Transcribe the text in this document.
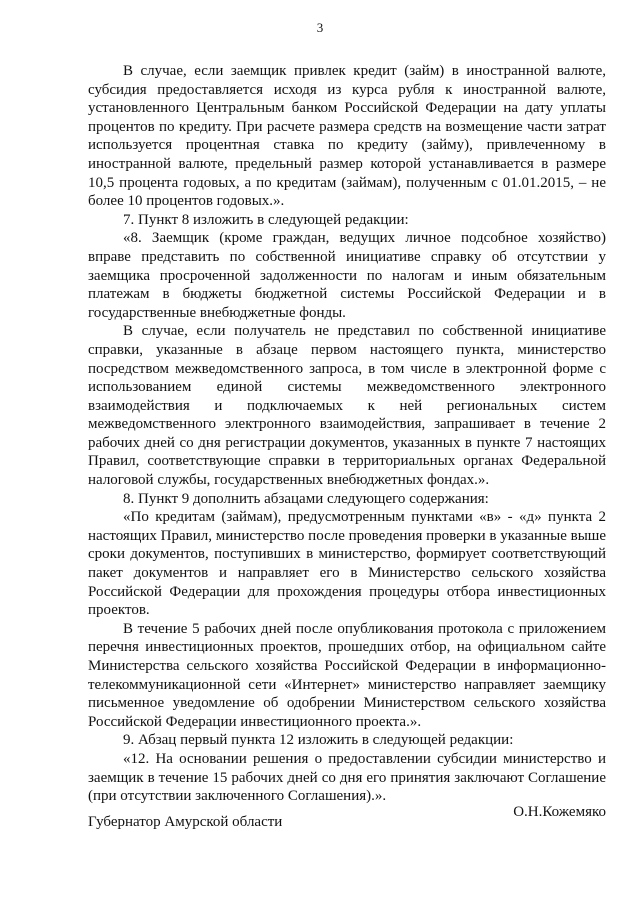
3

В случае, если заемщик привлек кредит (займ) в иностранной валюте, субсидия предоставляется исходя из курса рубля к иностранной валюте, установленного Центральным банком Российской Федерации на дату уплаты процентов по кредиту. При расчете размера средств на возмещение части затрат используется процентная ставка по кредиту (займу), привлеченному в иностранной валюте, предельный размер которой устанавливается в размере 10,5 процента годовых, а по кредитам (займам), полученным с 01.01.2015, – не более 10 процентов годовых.».

7. Пункт 8 изложить в следующей редакции:

«8. Заемщик (кроме граждан, ведущих личное подсобное хозяйство) вправе представить по собственной инициативе справку об отсутствии у заемщика просроченной задолженности по налогам и иным обязательным платежам в бюджеты бюджетной системы Российской Федерации и в государственные внебюджетные фонды.

В случае, если получатель не представил по собственной инициативе справки, указанные в абзаце первом настоящего пункта, министерство посредством межведомственного запроса, в том числе в электронной форме с использованием единой системы межведомственного электронного взаимодействия и подключаемых к ней региональных систем межведомственного электронного взаимодействия, запрашивает в течение 2 рабочих дней со дня регистрации документов, указанных в пункте 7 настоящих Правил, соответствующие справки в территориальных органах Федеральной налоговой службы, государственных внебюджетных фондах.».

8. Пункт 9 дополнить абзацами следующего содержания:

«По кредитам (займам), предусмотренным пунктами «в» - «д» пункта 2 настоящих Правил, министерство после проведения проверки в указанные выше сроки документов, поступивших в министерство, формирует соответствующий пакет документов и направляет его в Министерство сельского хозяйства Российской Федерации для прохождения процедуры отбора инвестиционных проектов.

В течение 5 рабочих дней после опубликования протокола с приложением перечня инвестиционных проектов, прошедших отбор, на официальном сайте Министерства сельского хозяйства Российской Федерации в информационно-телекоммуникационной сети «Интернет» министерство направляет заемщику письменное уведомление об одобрении Министерством сельского хозяйства Российской Федерации инвестиционного проекта.».

9. Абзац первый пункта 12 изложить в следующей редакции:

«12. На основании решения о предоставлении субсидии министерство и заемщик в течение 15 рабочих дней со дня его принятия заключают Соглашение (при отсутствии заключенного Соглашения).».

Губернатор Амурской области
О.Н.Кожемяко
